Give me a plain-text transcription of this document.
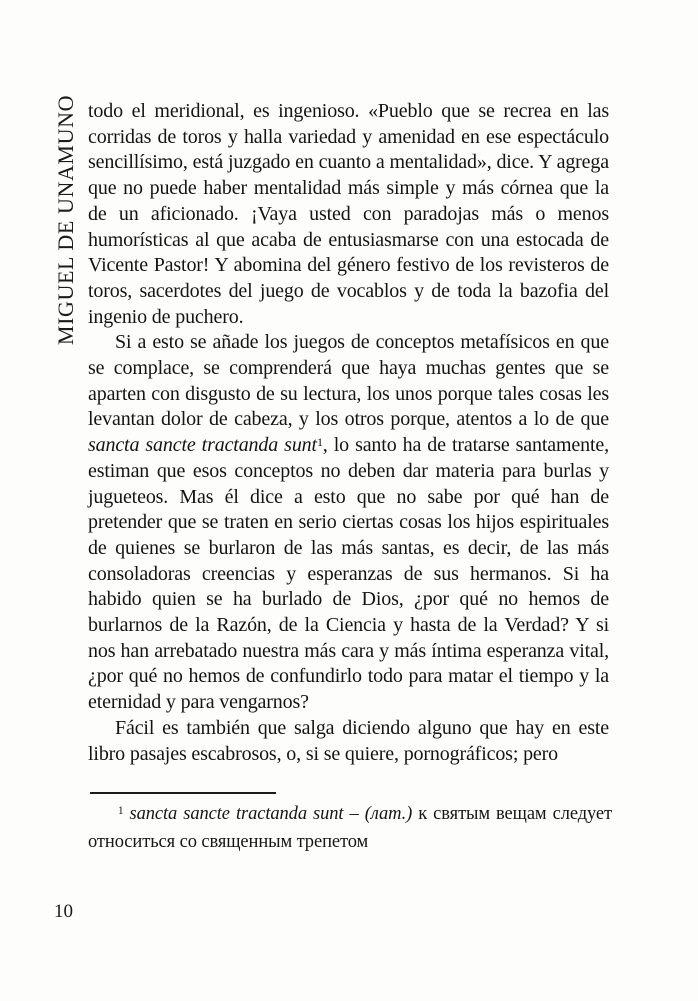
MIGUEL DE UNAMUNO todo el meridional, es ingenioso. «Pueblo que se recrea en las corridas de toros y halla variedad y amenidad en ese espectáculo sencillísimo, está juzgado en cuanto a mentalidad», dice. Y agrega que no puede haber mentalidad más simple y más córnea que la de un aficionado. ¡Vaya usted con paradojas más o menos humorísticas al que acaba de entusiasmarse con una estocada de Vicente Pastor! Y abomina del género festivo de los revisteros de toros, sacerdotes del juego de vocablos y de toda la bazofia del ingenio de puchero.

Si a esto se añade los juegos de conceptos metafísicos en que se complace, se comprenderá que haya muchas gentes que se aparten con disgusto de su lectura, los unos porque tales cosas les levantan dolor de cabeza, y los otros porque, atentos a lo de que sancta sancte tractanda sunt$^1$, lo santo ha de tratarse santamente, estiman que esos conceptos no deben dar materia para burlas y jugueteos. Mas él dice a esto que no sabe por qué han de pretender que se traten en serio ciertas cosas los hijos espirituales de quienes se burlaron de las más santas, es decir, de las más consoladoras creencias y esperanzas de sus hermanos. Si ha habido quien se ha burlado de Dios, ¿por qué no hemos de burlarnos de la Razón, de la Ciencia y hasta de la Verdad? Y si nos han arrebatado nuestra más cara y más íntima esperanza vital, ¿por qué no hemos de confundirlo todo para matar el tiempo y la eternidad y para vengarnos?

Fácil es también que salga diciendo alguno que hay en este libro pasajes escabrosos, o, si se quiere, pornográficos; pero

$^1$ sancta sancte tractanda sunt – (лат.) к святым вещам следует относиться со священным трепетом

10
